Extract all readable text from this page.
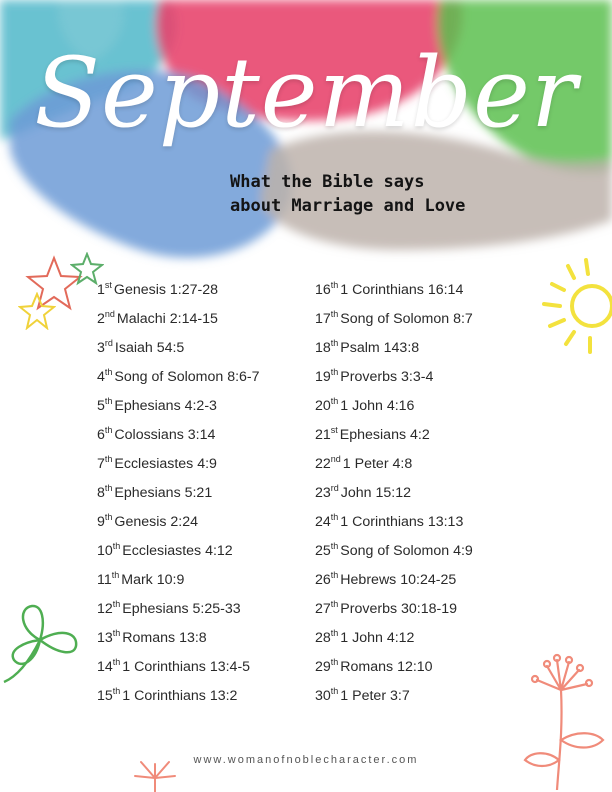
September
What the Bible says
about Marriage and Love
1st Genesis 1:27-28
2nd Malachi 2:14-15
3rd Isaiah 54:5
4th Song of Solomon 8:6-7
5th Ephesians 4:2-3
6th Colossians 3:14
7th Ecclesiastes 4:9
8th Ephesians 5:21
9th Genesis 2:24
10th Ecclesiastes 4:12
11th Mark 10:9
12th Ephesians 5:25-33
13th Romans 13:8
14th 1 Corinthians 13:4-5
15th 1 Corinthians 13:2
16th 1 Corinthians 16:14
17th Song of Solomon 8:7
18th Psalm 143:8
19th Proverbs 3:3-4
20th 1 John 4:16
21st Ephesians 4:2
22nd 1 Peter 4:8
23rd John 15:12
24th 1 Corinthians 13:13
25th Song of Solomon 4:9
26th Hebrews 10:24-25
27th Proverbs 30:18-19
28th 1 John 4:12
29th Romans 12:10
30th 1 Peter 3:7
www.womanofnoblecharacter.com
